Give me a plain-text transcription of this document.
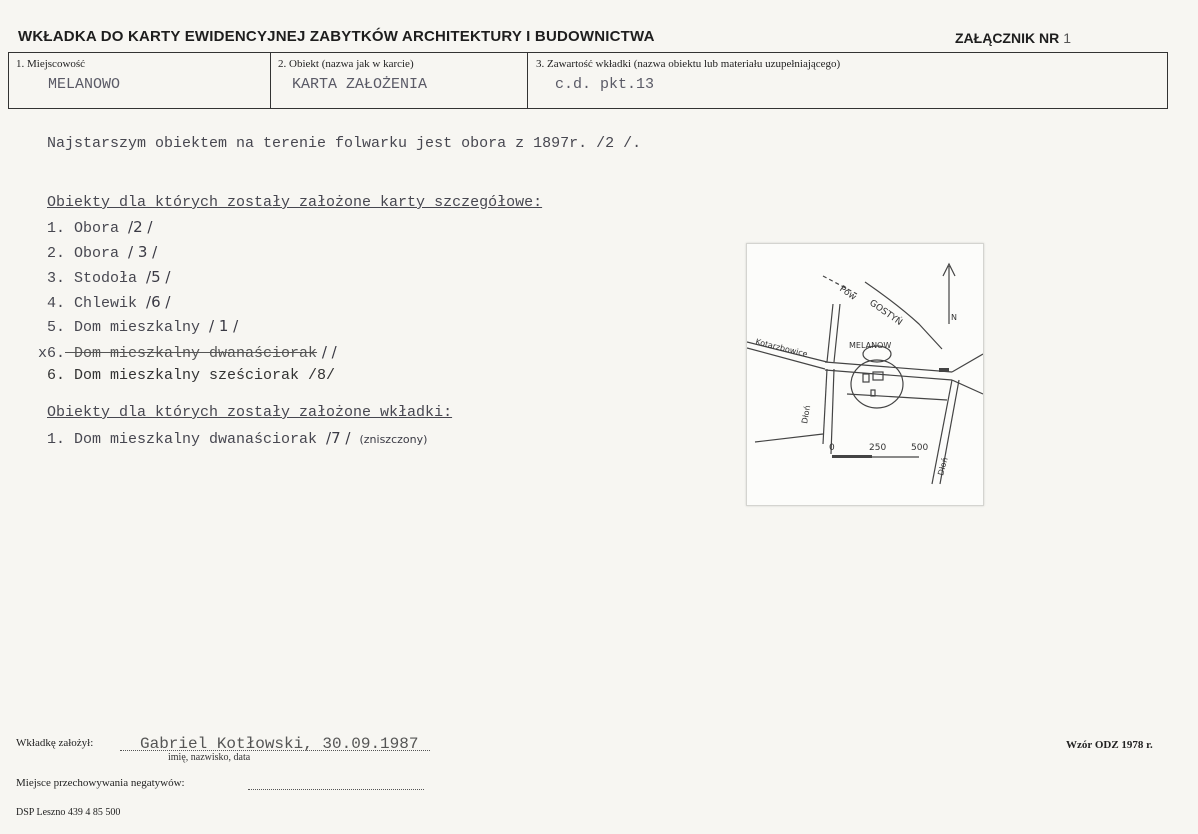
WKŁADKA DO KARTY EWIDENCYJNEJ ZABYTKÓW ARCHITEKTURY I BUDOWNICTWA	ZAŁĄCZNIK NR 1
1. Miejscowość
MELANOWO
2. Obiekt (nazwa jak w karcie)
KARTA ZAŁOŻENIA
3. Zawartość wkładki (nazwa obiektu lub materiału uzupełniającego)
c.d. pkt.13
Najstarszym obiektem na terenie folwarku jest obora z 1897r. /2 /.
Obiekty dla których zostały założone karty szczegółowe:
1. Obora /2 /
2. Obora / 3 /
3. Stodoła /5 /
4. Chlewik /6 /
5. Dom mieszkalny / 1 /
x6. Dom mieszkalny dwanaściorak / /
6. Dom mieszkalny sześciorak /8/
Obiekty dla których zostały założone wkładki:
1. Dom mieszkalny dwanaściorak /7 / (zniszczony)
Pow
GOSTYŃ	N
MELANOW
Kotarzbowice
Dłoń
Dłoń
0	250	500
Wkładkę założył:	Gabriel Kotłowski, 30.09.1987
imię, nazwisko, data
Wzór ODZ 1978 r.
Miejsce przechowywania negatywów:
DSP Leszno 439 4 85 500
